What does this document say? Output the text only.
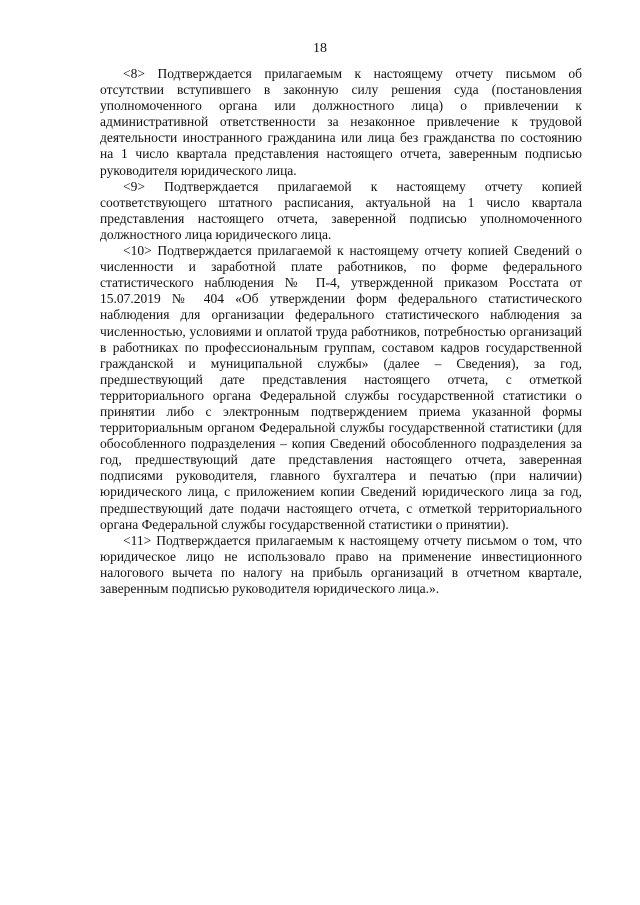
18

<8> Подтверждается прилагаемым к настоящему отчету письмом об отсутствии вступившего в законную силу решения суда (постановления уполномоченного органа или должностного лица) о привлечении к административной ответственности за незаконное привлечение к трудовой деятельности иностранного гражданина или лица без гражданства по состоянию на 1 число квартала представления настоящего отчета, заверенным подписью руководителя юридического лица.

<9> Подтверждается прилагаемой к настоящему отчету копией соответствующего штатного расписания, актуальной на 1 число квартала представления настоящего отчета, заверенной подписью уполномоченного должностного лица юридического лица.

<10> Подтверждается прилагаемой к настоящему отчету копией Сведений о численности и заработной плате работников, по форме федерального статистического наблюдения № П-4, утвержденной приказом Росстата от 15.07.2019 № 404 «Об утверждении форм федерального статистического наблюдения для организации федерального статистического наблюдения за численностью, условиями и оплатой труда работников, потребностью организаций в работниках по профессиональным группам, составом кадров государственной гражданской и муниципальной службы» (далее – Сведения), за год, предшествующий дате представления настоящего отчета, с отметкой территориального органа Федеральной службы государственной статистики о принятии либо с электронным подтверждением приема указанной формы территориальным органом Федеральной службы государственной статистики (для обособленного подразделения – копия Сведений обособленного подразделения за год, предшествующий дате представления настоящего отчета, заверенная подписями руководителя, главного бухгалтера и печатью (при наличии) юридического лица, с приложением копии Сведений юридического лица за год, предшествующий дате подачи настоящего отчета, с отметкой территориального органа Федеральной службы государственной статистики о принятии).

<11> Подтверждается прилагаемым к настоящему отчету письмом о том, что юридическое лицо не использовало право на применение инвестиционного налогового вычета по налогу на прибыль организаций в отчетном квартале, заверенным подписью руководителя юридического лица.».
